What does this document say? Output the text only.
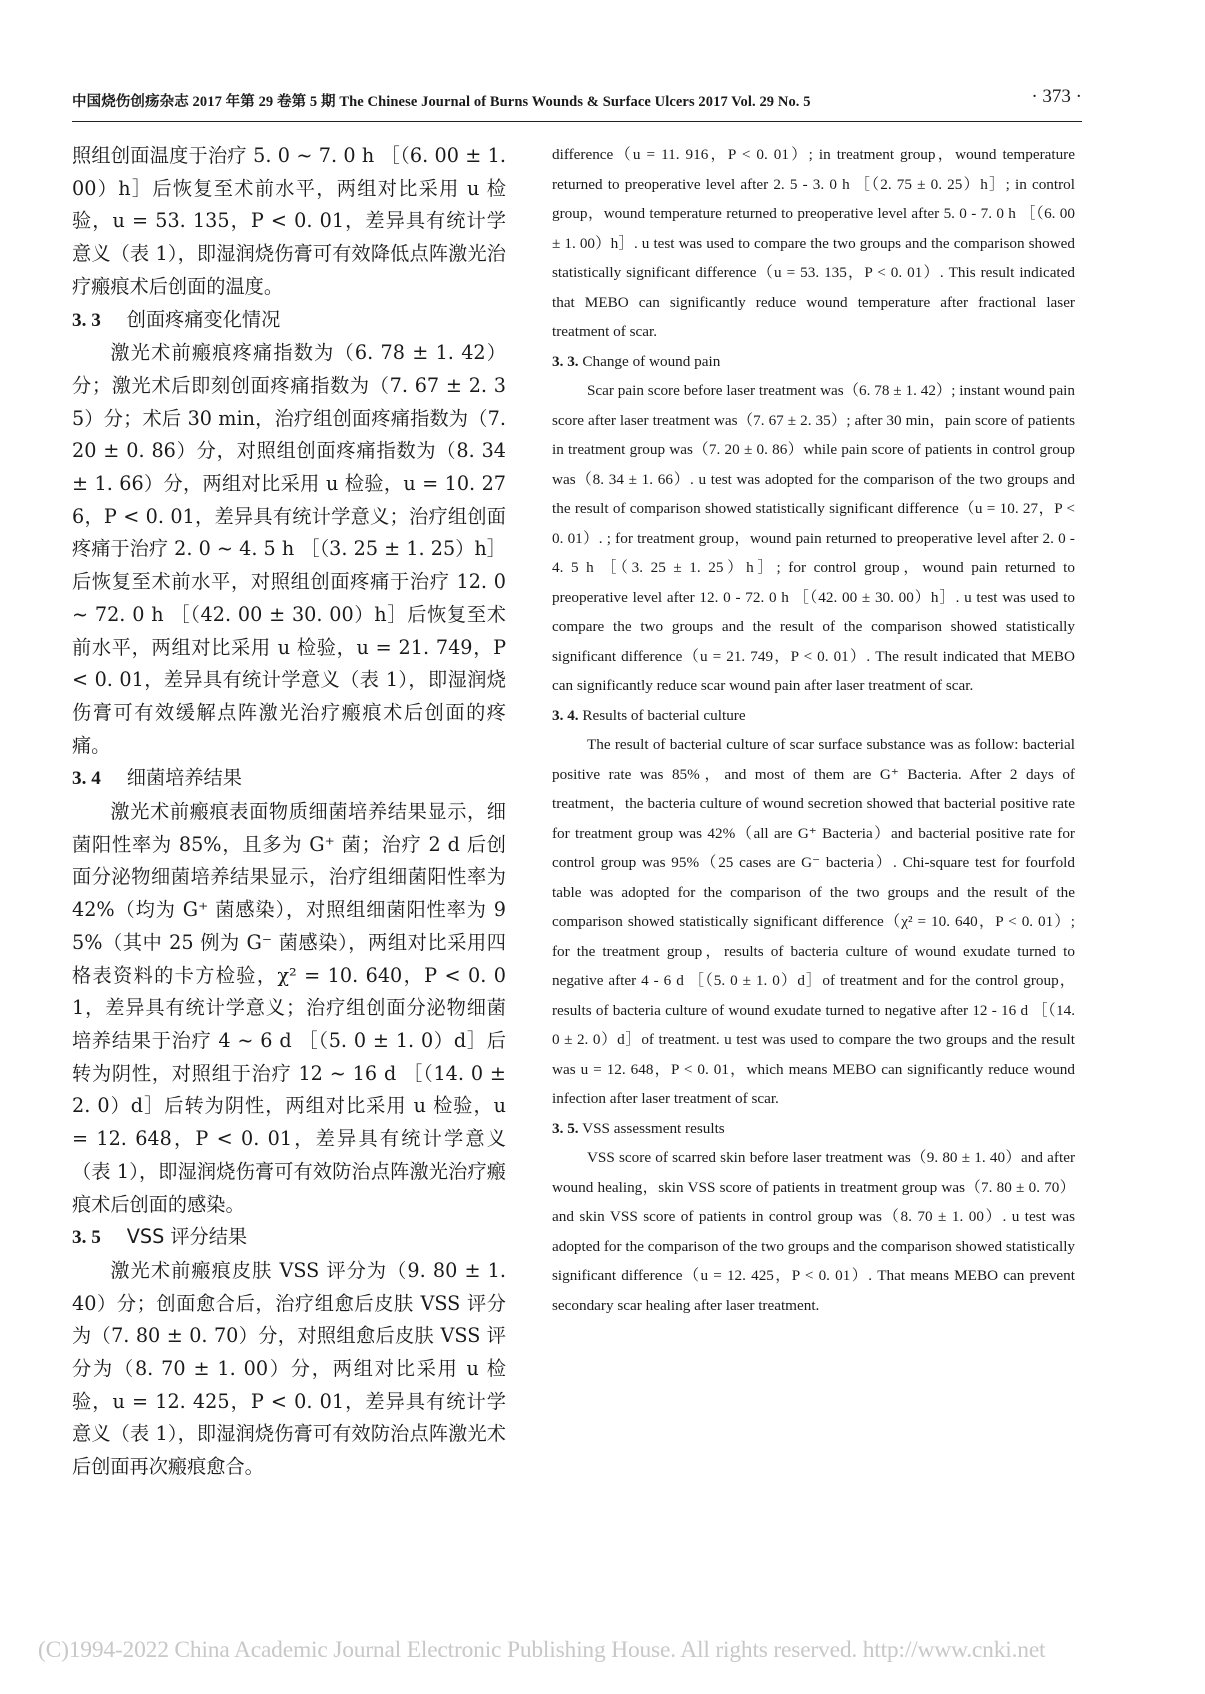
中国烧伤创疡杂志 2017 年第 29 卷第 5 期 The Chinese Journal of Burns Wounds & Surface Ulcers 2017 Vol. 29 No. 5	· 373 ·

照组创面温度于治疗 5. 0 ~ 7. 0 h ［（6. 00 ± 1. 00）h］后恢复至术前水平，两组对比采用 u 检验，u = 53. 135，P < 0. 01，差异具有统计学意义（表 1），即湿润烧伤膏可有效降低点阵激光治疗瘢痕术后创面的温度。

3. 3 创面疼痛变化情况

激光术前瘢痕疼痛指数为（6. 78 ± 1. 42）分；激光术后即刻创面疼痛指数为（7. 67 ± 2. 35）分；术后 30 min，治疗组创面疼痛指数为（7. 20 ± 0. 86）分，对照组创面疼痛指数为（8. 34 ± 1. 66）分，两组对比采用 u 检验，u = 10. 276，P < 0. 01，差异具有统计学意义；治疗组创面疼痛于治疗 2. 0 ~ 4. 5 h ［（3. 25 ± 1. 25）h］后恢复至术前水平，对照组创面疼痛于治疗 12. 0 ~ 72. 0 h ［（42. 00 ± 30. 00）h］后恢复至术前水平，两组对比采用 u 检验，u = 21. 749，P < 0. 01，差异具有统计学意义（表 1），即湿润烧伤膏可有效缓解点阵激光治疗瘢痕术后创面的疼痛。

3. 4 细菌培养结果

激光术前瘢痕表面物质细菌培养结果显示，细菌阳性率为 85%，且多为 G⁺ 菌；治疗 2 d 后创面分泌物细菌培养结果显示，治疗组细菌阳性率为 42%（均为 G⁺ 菌感染），对照组细菌阳性率为 95%（其中 25 例为 G⁻ 菌感染），两组对比采用四格表资料的卡方检验，χ² = 10. 640，P < 0. 01，差异具有统计学意义；治疗组创面分泌物细菌培养结果于治疗 4 ~ 6 d ［（5. 0 ± 1. 0）d］后转为阴性，对照组于治疗 12 ~ 16 d ［（14. 0 ± 2. 0）d］后转为阴性，两组对比采用 u 检验，u = 12. 648，P < 0. 01，差异具有统计学意义（表 1），即湿润烧伤膏可有效防治点阵激光治疗瘢痕术后创面的感染。

3. 5 VSS 评分结果

激光术前瘢痕皮肤 VSS 评分为（9. 80 ± 1. 40）分；创面愈合后，治疗组愈后皮肤 VSS 评分为（7. 80 ± 0. 70）分，对照组愈后皮肤 VSS 评分为（8. 70 ± 1. 00）分，两组对比采用 u 检验，u = 12. 425，P < 0. 01，差异具有统计学意义（表 1），即湿润烧伤膏可有效防治点阵激光术后创面再次瘢痕愈合。

difference（u = 11. 916，P < 0. 01）; in treatment group，wound temperature returned to preoperative level after 2. 5 - 3. 0 h ［（2. 75 ± 0. 25）h］; in control group，wound temperature returned to preoperative level after 5. 0 - 7. 0 h ［（6. 00 ± 1. 00）h］. u test was used to compare the two groups and the comparison showed statistically significant difference（u = 53. 135，P < 0. 01）. This result indicated that MEBO can significantly reduce wound temperature after fractional laser treatment of scar.

3. 3. Change of wound pain

Scar pain score before laser treatment was（6. 78 ± 1. 42）; instant wound pain score after laser treatment was（7. 67 ± 2. 35）; after 30 min，pain score of patients in treatment group was（7. 20 ± 0. 86）while pain score of patients in control group was（8. 34 ± 1. 66）. u test was adopted for the comparison of the two groups and the result of comparison showed statistically significant difference（u = 10. 27，P < 0. 01）. ; for treatment group，wound pain returned to preoperative level after 2. 0 - 4. 5 h ［（3. 25 ± 1. 25）h］; for control group，wound pain returned to preoperative level after 12. 0 - 72. 0 h ［（42. 00 ± 30. 00）h］. u test was used to compare the two groups and the result of the comparison showed statistically significant difference（u = 21. 749，P < 0. 01）. The result indicated that MEBO can significantly reduce scar wound pain after laser treatment of scar.

3. 4. Results of bacterial culture

The result of bacterial culture of scar surface substance was as follow: bacterial positive rate was 85%，and most of them are G⁺ Bacteria. After 2 days of treatment，the bacteria culture of wound secretion showed that bacterial positive rate for treatment group was 42%（all are G⁺ Bacteria）and bacterial positive rate for control group was 95%（25 cases are G⁻ bacteria）. Chi-square test for fourfold table was adopted for the comparison of the two groups and the result of the comparison showed statistically significant difference（χ² = 10. 640，P < 0. 01）; for the treatment group，results of bacteria culture of wound exudate turned to negative after 4 - 6 d ［（5. 0 ± 1. 0）d］of treatment and for the control group，results of bacteria culture of wound exudate turned to negative after 12 - 16 d ［（14. 0 ± 2. 0）d］of treatment. u test was used to compare the two groups and the result was u = 12. 648，P < 0. 01，which means MEBO can significantly reduce wound infection after laser treatment of scar.

3. 5. VSS assessment results

VSS score of scarred skin before laser treatment was（9. 80 ± 1. 40）and after wound healing，skin VSS score of patients in treatment group was（7. 80 ± 0. 70）and skin VSS score of patients in control group was（8. 70 ± 1. 00）. u test was adopted for the comparison of the two groups and the comparison showed statistically significant difference（u = 12. 425，P < 0. 01）. That means MEBO can prevent secondary scar healing after laser treatment.

(C)1994-2022 China Academic Journal Electronic Publishing House. All rights reserved. http://www.cnki.net
